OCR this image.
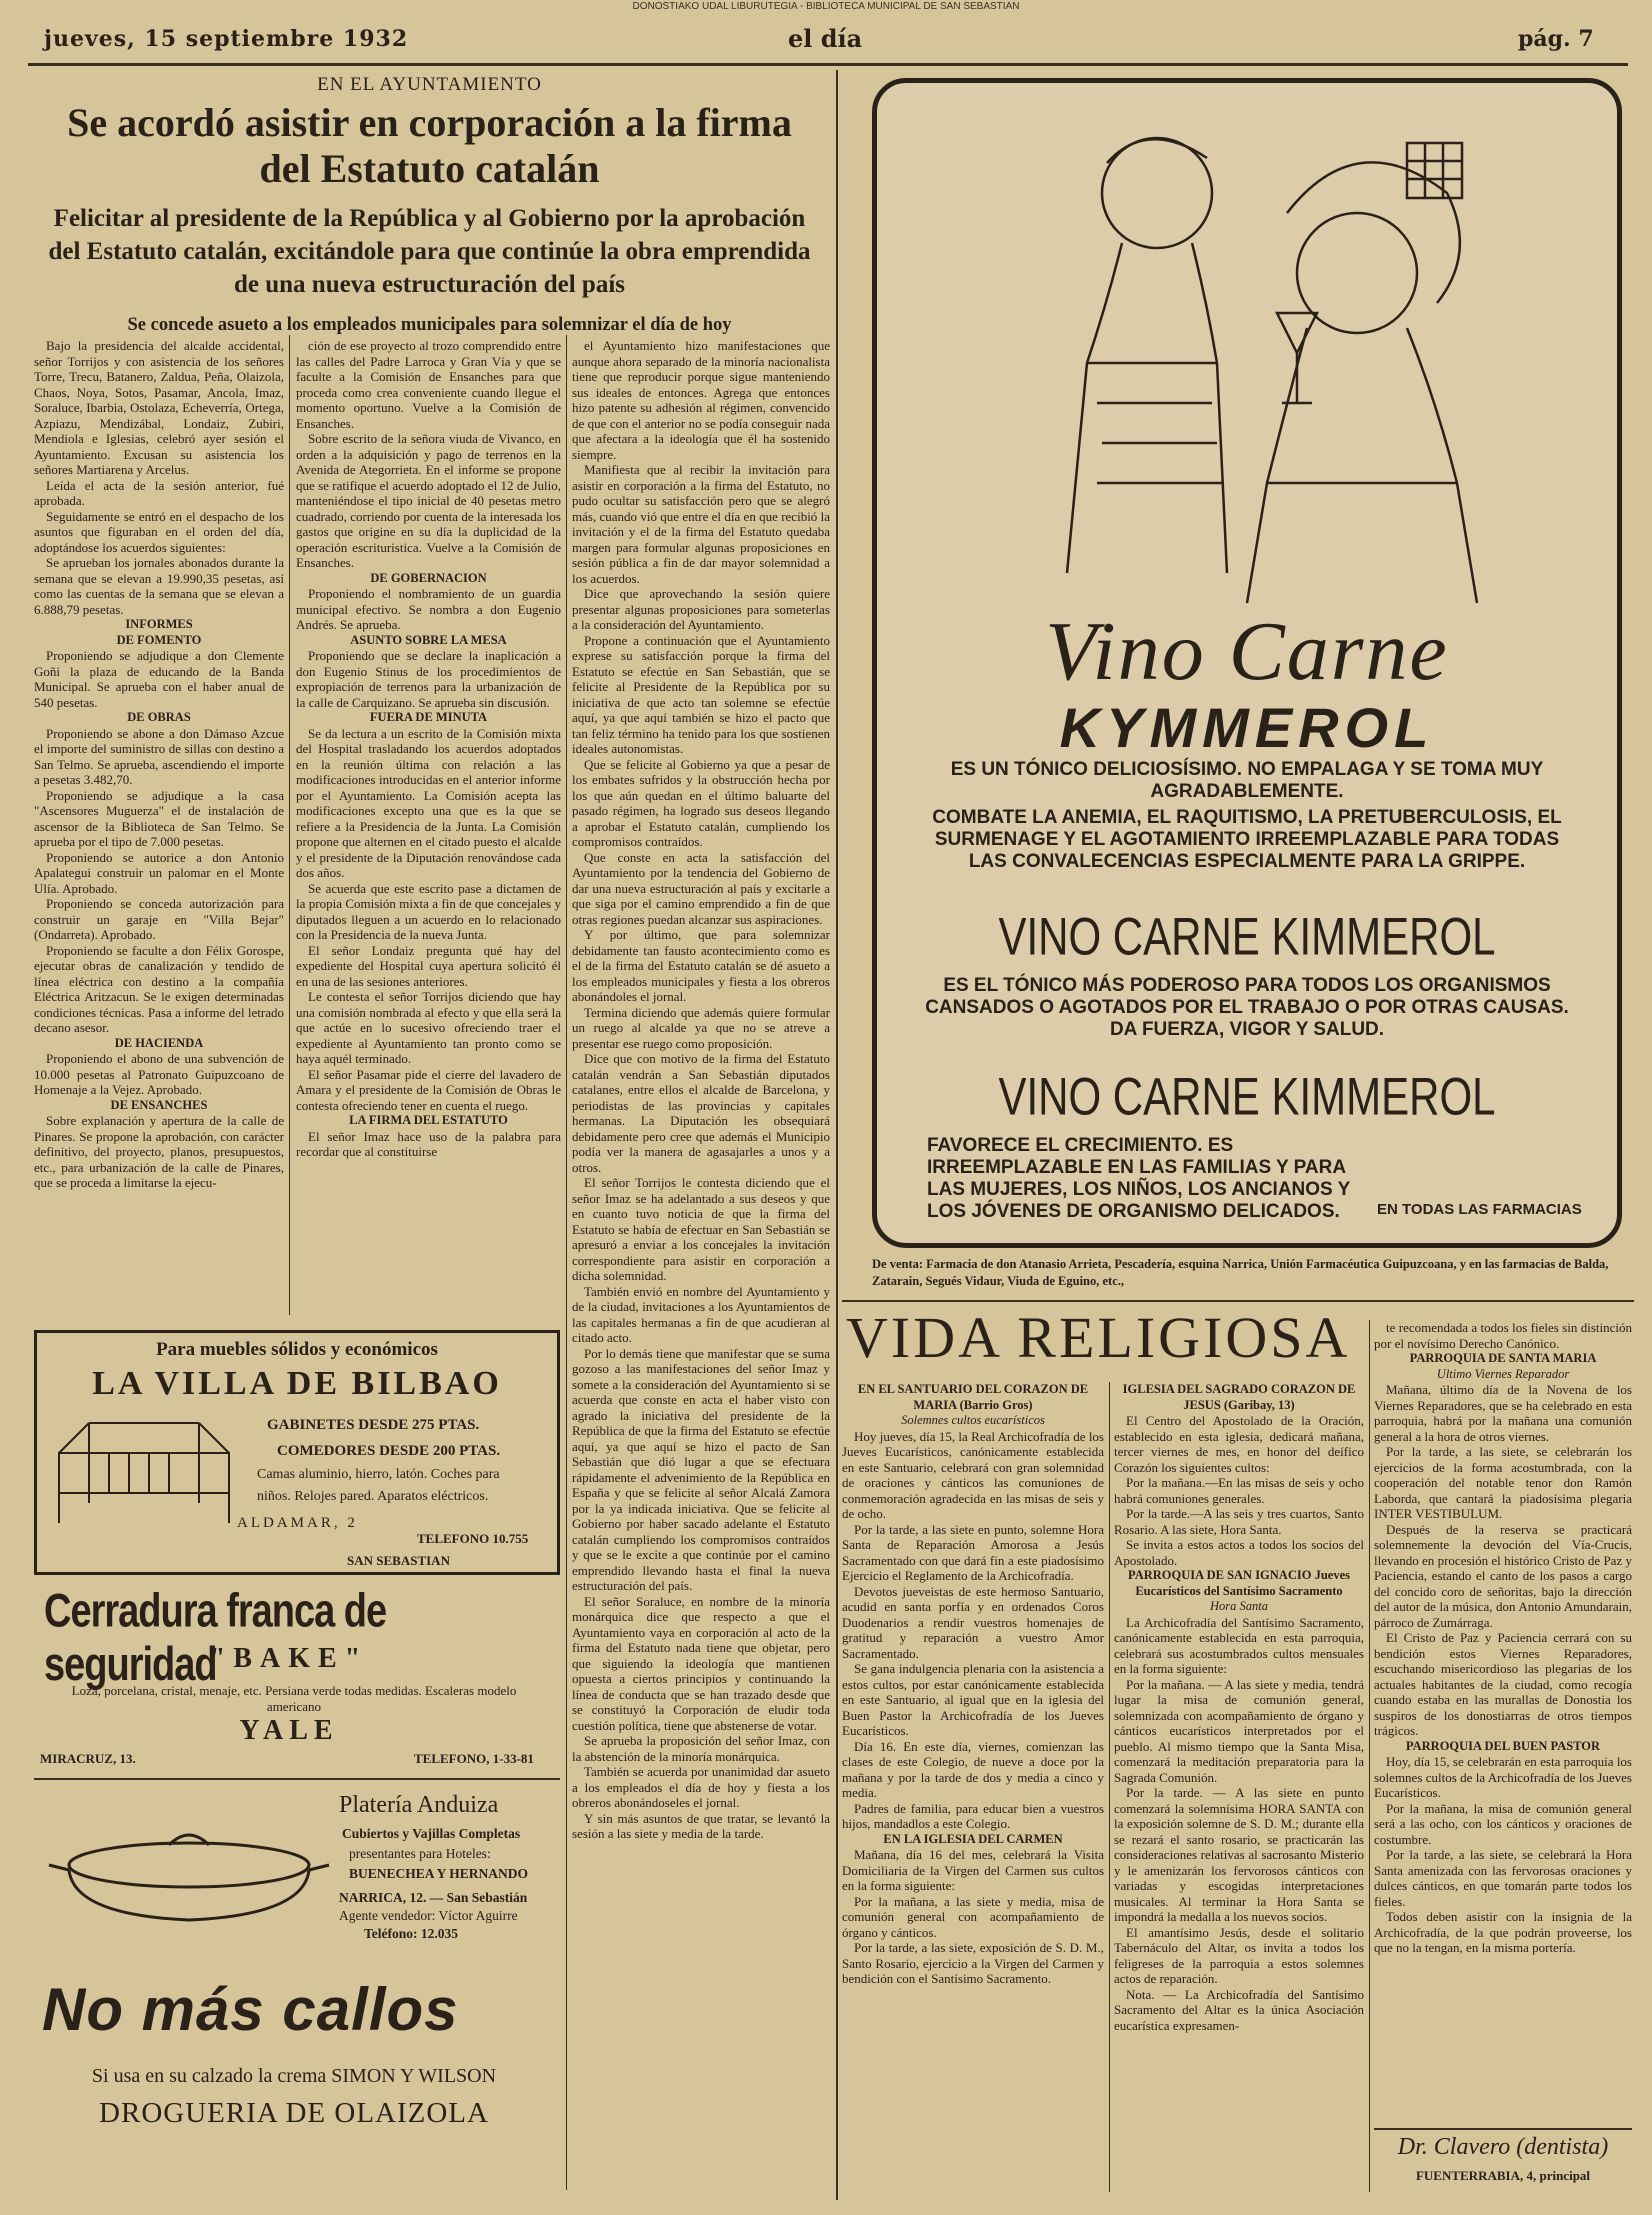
DONOSTIAKO UDAL LIBURUTEGIA - BIBLIOTECA MUNICIPAL DE SAN SEBASTIAN
jueves, 15 septiembre 1932	el día	pág. 7
EN EL AYUNTAMIENTO
Se acordó asistir en corporación a la firma
del Estatuto catalán
Felicitar al presidente de la República y al Gobierno por la aprobación del Estatuto catalán, excitándole para que continúe la obra emprendida de una nueva estructuración del país
Se concede asueto a los empleados municipales para solemnizar el día de hoy

Bajo la presidencia del alcalde accidental, señor Torrijos y con asistencia de los señores Torre, Trecu, Batanero, Zaldua, Peña, Olaizola, Chaos, Noya, Sotos, Pasamar, Ancola, Imaz, Soraluce, Ibarbia, Ostolaza, Echeverría, Ortega, Azpiazu, Mendizábal, Londaiz, Zubiri, Mendiola e Iglesias, celebró ayer sesión el Ayuntamiento. Excusan su asistencia los señores Martiarena y Arcelus.

Leída el acta de la sesión anterior, fué aprobada.

Seguidamente se entró en el despacho de los asuntos que figuraban en el orden del día, adoptándose los acuerdos siguientes:

Se aprueban los jornales abonados durante la semana que se elevan a 19.990,35 pesetas, así como las cuentas de la semana que se elevan a 6.888,79 pesetas.

INFORMES

DE FOMENTO

Proponiendo se adjudique a don Clemente Goñi la plaza de educando de la Banda Municipal. Se aprueba con el haber anual de 540 pesetas.

DE OBRAS

Proponiendo se abone a don Dámaso Azcue el importe del suministro de sillas con destino a San Telmo. Se aprueba, ascendiendo el importe a pesetas 3.482,70.

Proponiendo se adjudique a la casa "Ascensores Muguerza" el de instalación de ascensor de la Biblioteca de San Telmo. Se aprueba por el tipo de 7.000 pesetas.

Proponiendo se autorice a don Antonio Apalategui construir un palomar en el Monte Ulía. Aprobado.

Proponiendo se conceda autorización para construir un garaje en "Villa Bejar" (Ondarreta). Aprobado.

Proponiendo se faculte a don Félix Gorospe, ejecutar obras de canalización y tendido de línea eléctrica con destino a la compañía Eléctrica Aritzacun. Se le exigen determinadas condiciones técnicas. Pasa a informe del letrado decano asesor.

DE HACIENDA

Proponiendo el abono de una subvención de 10.000 pesetas al Patronato Guipuzcoano de Homenaje a la Vejez. Aprobado.

DE ENSANCHES

Sobre explanación y apertura de la calle de Pinares. Se propone la aprobación, con carácter definitivo, del proyecto, planos, presupuestos, etc., para urbanización de la calle de Pinares, que se proceda a limitarse la ejecu-

ción de ese proyecto al trozo comprendido entre las calles del Padre Larroca y Gran Vía y que se faculte a la Comisión de Ensanches para que proceda como crea conveniente cuando llegue el momento oportuno. Vuelve a la Comisión de Ensanches.

Sobre escrito de la señora viuda de Vivanco, en orden a la adquisición y pago de terrenos en la Avenida de Ategorrieta. En el informe se propone que se ratifique el acuerdo adoptado el 12 de Julio, manteniéndose el tipo inicial de 40 pesetas metro cuadrado, corriendo por cuenta de la interesada los gastos que origine en su día la duplicidad de la operación escrituristica. Vuelve a la Comisión de Ensanches.

DE GOBERNACION

Proponiendo el nombramiento de un guardia municipal efectivo. Se nombra a don Eugenio Andrés. Se aprueba.

ASUNTO SOBRE LA MESA

Proponiendo que se declare la inaplicación a don Eugenio Stinus de los procedimientos de expropiación de terrenos para la urbanización de la calle de Carquizano. Se aprueba sin discusión.

FUERA DE MINUTA

Se da lectura a un escrito de la Comisión mixta del Hospital trasladando los acuerdos adoptados en la reunión última con relación a las modificaciones introducidas en el anterior informe por el Ayuntamiento. La Comisión acepta las modificaciones excepto una que es la que se refiere a la Presidencia de la Junta. La Comisión propone que alternen en el citado puesto el alcalde y el presidente de la Diputación renovándose cada dos años.

Se acuerda que este escrito pase a dictamen de la propia Comisión mixta a fin de que concejales y diputados lleguen a un acuerdo en lo relacionado con la Presidencia de la nueva Junta.

El señor Londaiz pregunta qué hay del expediente del Hospital cuya apertura solicitó él en una de las sesiones anteriores.

Le contesta el señor Torrijos diciendo que hay una comisión nombrada al efecto y que ella será la que actúe en lo sucesivo ofreciendo traer el expediente al Ayuntamiento tan pronto como se haya aquél terminado.

El señor Pasamar pide el cierre del lavadero de Amara y el presidente de la Comisión de Obras le contesta ofreciendo tener en cuenta el ruego.

LA FIRMA DEL ESTATUTO

El señor Imaz hace uso de la palabra para recordar que al constituirse

el Ayuntamiento hizo manifestaciones que aunque ahora separado de la minoría nacionalista tiene que reproducir porque sigue manteniendo sus ideales de entonces. Agrega que entonces hizo patente su adhesión al régimen, convencido de que con el anterior no se podía conseguir nada que afectara a la ideología que él ha sostenido siempre.

Manifiesta que al recibir la invitación para asistir en corporación a la firma del Estatuto, no pudo ocultar su satisfacción pero que se alegró más, cuando vió que entre el día en que recibió la invitación y el de la firma del Estatuto quedaba margen para formular algunas proposiciones en sesión pública a fin de dar mayor solemnidad a los acuerdos.

Dice que aprovechando la sesión quiere presentar algunas proposiciones para someterlas a la consideración del Ayuntamiento.

Propone a continuación que el Ayuntamiento exprese su satisfacción porque la firma del Estatuto se efectúe en San Sebastián, que se felicite al Presidente de la República por su iniciativa de que acto tan solemne se efectúe aquí, ya que aquí también se hizo el pacto que tan feliz término ha tenido para los que sostienen ideales autonomistas.

Que se felicite al Gobierno ya que a pesar de los embates sufridos y la obstrucción hecha por los que aún quedan en el último baluarte del pasado régimen, ha logrado sus deseos llegando a aprobar el Estatuto catalán, cumpliendo los compromisos contraídos.

Que conste en acta la satisfacción del Ayuntamiento por la tendencia del Gobierno de dar una nueva estructuración al país y excitarle a que siga por el camino emprendido a fin de que otras regiones puedan alcanzar sus aspiraciones.

Y por último, que para solemnizar debidamente tan fausto acontecimiento como es el de la firma del Estatuto catalán se dé asueto a los empleados municipales y fiesta a los obreros abonándoles el jornal.

Termina diciendo que además quiere formular un ruego al alcalde ya que no se atreve a presentar ese ruego como proposición.

Dice que con motivo de la firma del Estatuto catalán vendrán a San Sebastián diputados catalanes, entre ellos el alcalde de Barcelona, y periodistas de las provincias y capitales hermanas. La Diputación les obsequiará debidamente pero cree que además el Municipio podía ver la manera de agasajarles a unos y a otros.

El señor Torrijos le contesta diciendo que el señor Imaz se ha adelantado a sus deseos y que en cuanto tuvo noticia de que la firma del Estatuto se había de efectuar en San Sebastián se apresuró a enviar a los concejales la invitación correspondiente para asistir en corporación a dicha solemnidad.

También envió en nombre del Ayuntamiento y de la ciudad, invitaciones a los Ayuntamientos de las capitales hermanas a fin de que acudieran al citado acto.

Por lo demás tiene que manifestar que se suma gozoso a las manifestaciones del señor Imaz y somete a la consideración del Ayuntamiento si se acuerda que conste en acta el haber visto con agrado la iniciativa del presidente de la República de que la firma del Estatuto se efectúe aquí, ya que aquí se hizo el pacto de San Sebastián que dió lugar a que se efectuara rápidamente el advenimiento de la República en España y que se felicite al señor Alcalá Zamora por la ya indicada iniciativa. Que se felicite al Gobierno por haber sacado adelante el Estatuto catalán cumpliendo los compromisos contraídos y que se le excite a que continúe por el camino emprendido llevando hasta el final la nueva estructuración del país.

El señor Soraluce, en nombre de la minoría monárquica dice que respecto a que el Ayuntamiento vaya en corporación al acto de la firma del Estatuto nada tiene que objetar, pero que siguiendo la ideología que mantienen opuesta a ciertos principios y continuando la línea de conducta que se han trazado desde que se constituyó la Corporación de eludir toda cuestión política, tiene que abstenerse de votar.

Se aprueba la proposición del señor Imaz, con la abstención de la minoría monárquica.

También se acuerda por unanimidad dar asueto a los empleados el día de hoy y fiesta a los obreros abonándoseles el jornal.

Y sin más asuntos de que tratar, se levantó la sesión a las siete y media de la tarde.

Para muebles sólidos y económicos
LA VILLA DE BILBAO
GABINETES DESDE 275 PTAS.
COMEDORES DESDE 200 PTAS.
Camas aluminio, hierro, latón. Coches para
niños. Relojes pared. Aparatos eléctricos.
ALDAMAR, 2
TELEFONO 10.755
SAN SEBASTIAN
Cerradura franca de seguridad
"BAKE"
Loza, porcelana, cristal, menaje, etc. Persiana verde todas medidas. Escaleras modelo americano
YALE
MIRACRUZ, 13.	TELEFONO, 1-33-81
Platería Anduiza
Cubiertos y Vajillas Completas
presentantes para Hoteles:
BUENECHEA Y HERNANDO
NARRICA, 12. — San Sebastián
Agente vendedor: Víctor Aguirre
Teléfono: 12.035
No más callos
Si usa en su calzado la crema SIMON Y WILSON
DROGUERIA DE OLAIZOLA
Vino Carne
KYMMEROL
ES UN TÓNICO DELICIOSÍSIMO. NO EMPALAGA Y SE TOMA MUY AGRADABLEMENTE.
COMBATE LA ANEMIA, EL RAQUITISMO, LA PRETUBERCULOSIS, EL SURMENAGE Y EL AGOTAMIENTO IRREEMPLAZABLE PARA TODAS LAS CONVALECENCIAS ESPECIALMENTE PARA LA GRIPPE.
VINO CARNE KIMMEROL
ES EL TÓNICO MÁS PODEROSO PARA TODOS LOS ORGANISMOS CANSADOS O AGOTADOS POR EL TRABAJO O POR OTRAS CAUSAS. DA FUERZA, VIGOR Y SALUD.
VINO CARNE KIMMEROL
FAVORECE EL CRECIMIENTO. ES IRREEMPLAZABLE EN LAS FAMILIAS Y PARA LAS MUJERES, LOS NIÑOS, LOS ANCIANOS Y LOS JÓVENES DE ORGANISMO DELICADOS.	EN TODAS LAS FARMACIAS
De venta: Farmacia de don Atanasio Arrieta, Pescadería, esquina Narrica, Unión Farmacéutica Guipuzcoana, y en las farmacias de Balda, Zatarain, Segués Vidaur, Viuda de Eguino, etc.,
VIDA RELIGIOSA

EN EL SANTUARIO DEL CORAZON DE MARIA (Barrio Gros)

Solemnes cultos eucarísticos

Hoy jueves, día 15, la Real Archicofradía de los Jueves Eucarísticos, canónicamente establecida en este Santuario, celebrará con gran solemnidad de oraciones y cánticos las comuniones de conmemoración agradecida en las misas de seis y de ocho.

Por la tarde, a las siete en punto, solemne Hora Santa de Reparación Amorosa a Jesús Sacramentado con que dará fin a este piadosísimo Ejercicio el Reglamento de la Archicofradía.

Devotos jueveistas de este hermoso Santuario, acudid en santa porfía y en ordenados Coros Duodenarios a rendir vuestros homenajes de gratitud y reparación a vuestro Amor Sacramentado.

Se gana indulgencia plenaria con la asistencia a estos cultos, por estar canónicamente establecida en este Santuario, al igual que en la iglesia del Buen Pastor la Archicofradía de los Jueves Eucarísticos.

Día 16. En este día, viernes, comienzan las clases de este Colegio, de nueve a doce por la mañana y por la tarde de dos y media a cinco y media.

Padres de familia, para educar bien a vuestros hijos, mandadlos a este Colegio.

EN LA IGLESIA DEL CARMEN

Mañana, día 16 del mes, celebrará la Visita Domiciliaria de la Virgen del Carmen sus cultos en la forma siguiente:

Por la mañana, a las siete y media, misa de comunión general con acompañamiento de órgano y cánticos.

Por la tarde, a las siete, exposición de S. D. M., Santo Rosario, ejercicio a la Virgen del Carmen y bendición con el Santísimo Sacramento.

IGLESIA DEL SAGRADO CORAZON DE JESUS (Garibay, 13)

El Centro del Apostolado de la Oración, establecido en esta iglesia, dedicará mañana, tercer viernes de mes, en honor del deífico Corazón los siguientes cultos:

Por la mañana.—En las misas de seis y ocho habrá comuniones generales.

Por la tarde.—A las seis y tres cuartos, Santo Rosario. A las siete, Hora Santa.

Se invita a estos actos a todos los socios del Apostolado.

PARROQUIA DE SAN IGNACIO Jueves Eucarísticos del Santísimo Sacramento

Hora Santa

La Archicofradía del Santísimo Sacramento, canónicamente establecida en esta parroquia, celebrará sus acostumbrados cultos mensuales en la forma siguiente:

Por la mañana. — A las siete y media, tendrá lugar la misa de comunión general, solemnizada con acompañamiento de órgano y cánticos eucarísticos interpretados por el pueblo. Al mismo tiempo que la Santa Misa, comenzará la meditación preparatoria para la Sagrada Comunión.

Por la tarde. — A las siete en punto comenzará la solemnísima HORA SANTA con la exposición solemne de S. D. M.; durante ella se rezará el santo rosario, se practicarán las consideraciones relativas al sacrosanto Misterio y le amenizarán los fervorosos cánticos con variadas y escogidas interpretaciones musicales. Al terminar la Hora Santa se impondrá la medalla a los nuevos socios.

El amantísimo Jesús, desde el solitario Tabernáculo del Altar, os invita a todos los feligreses de la parroquia a estos solemnes actos de reparación.

Nota. — La Archicofradía del Santísimo Sacramento del Altar es la única Asociación eucarística expresamen-

te recomendada a todos los fieles sin distinción por el novísimo Derecho Canónico.

PARROQUIA DE SANTA MARIA

Ultimo Viernes Reparador

Mañana, último día de la Novena de los Viernes Reparadores, que se ha celebrado en esta parroquia, habrá por la mañana una comunión general a la hora de otros viernes.

Por la tarde, a las siete, se celebrarán los ejercicios de la forma acostumbrada, con la cooperación del notable tenor don Ramón Laborda, que cantará la piadosísima plegaria INTER VESTIBULUM.

Después de la reserva se practicará solemnemente la devoción del Vía-Crucis, llevando en procesión el histórico Cristo de Paz y Paciencia, estando el canto de los pasos a cargo del concido coro de señoritas, bajo la dirección del autor de la música, don Antonio Amundarain, párroco de Zumárraga.

El Cristo de Paz y Paciencia cerrará con su bendición estos Viernes Reparadores, escuchando misericordioso las plegarias de los actuales habitantes de la ciudad, como recogía cuando estaba en las murallas de Donostia los suspiros de los donostiarras de otros tiempos trágicos.

PARROQUIA DEL BUEN PASTOR

Hoy, día 15, se celebrarán en esta parroquia los solemnes cultos de la Archicofradía de los Jueves Eucarísticos.

Por la mañana, la misa de comunión general será a las ocho, con los cánticos y oraciones de costumbre.

Por la tarde, a las siete, se celebrará la Hora Santa amenizada con las fervorosas oraciones y dulces cánticos, en que tomarán parte todos los fieles.

Todos deben asistir con la insignia de la Archicofradía, de la que podrán proveerse, los que no la tengan, en la misma portería.

Dr. Clavero (dentista)
FUENTERRABIA, 4, principal
